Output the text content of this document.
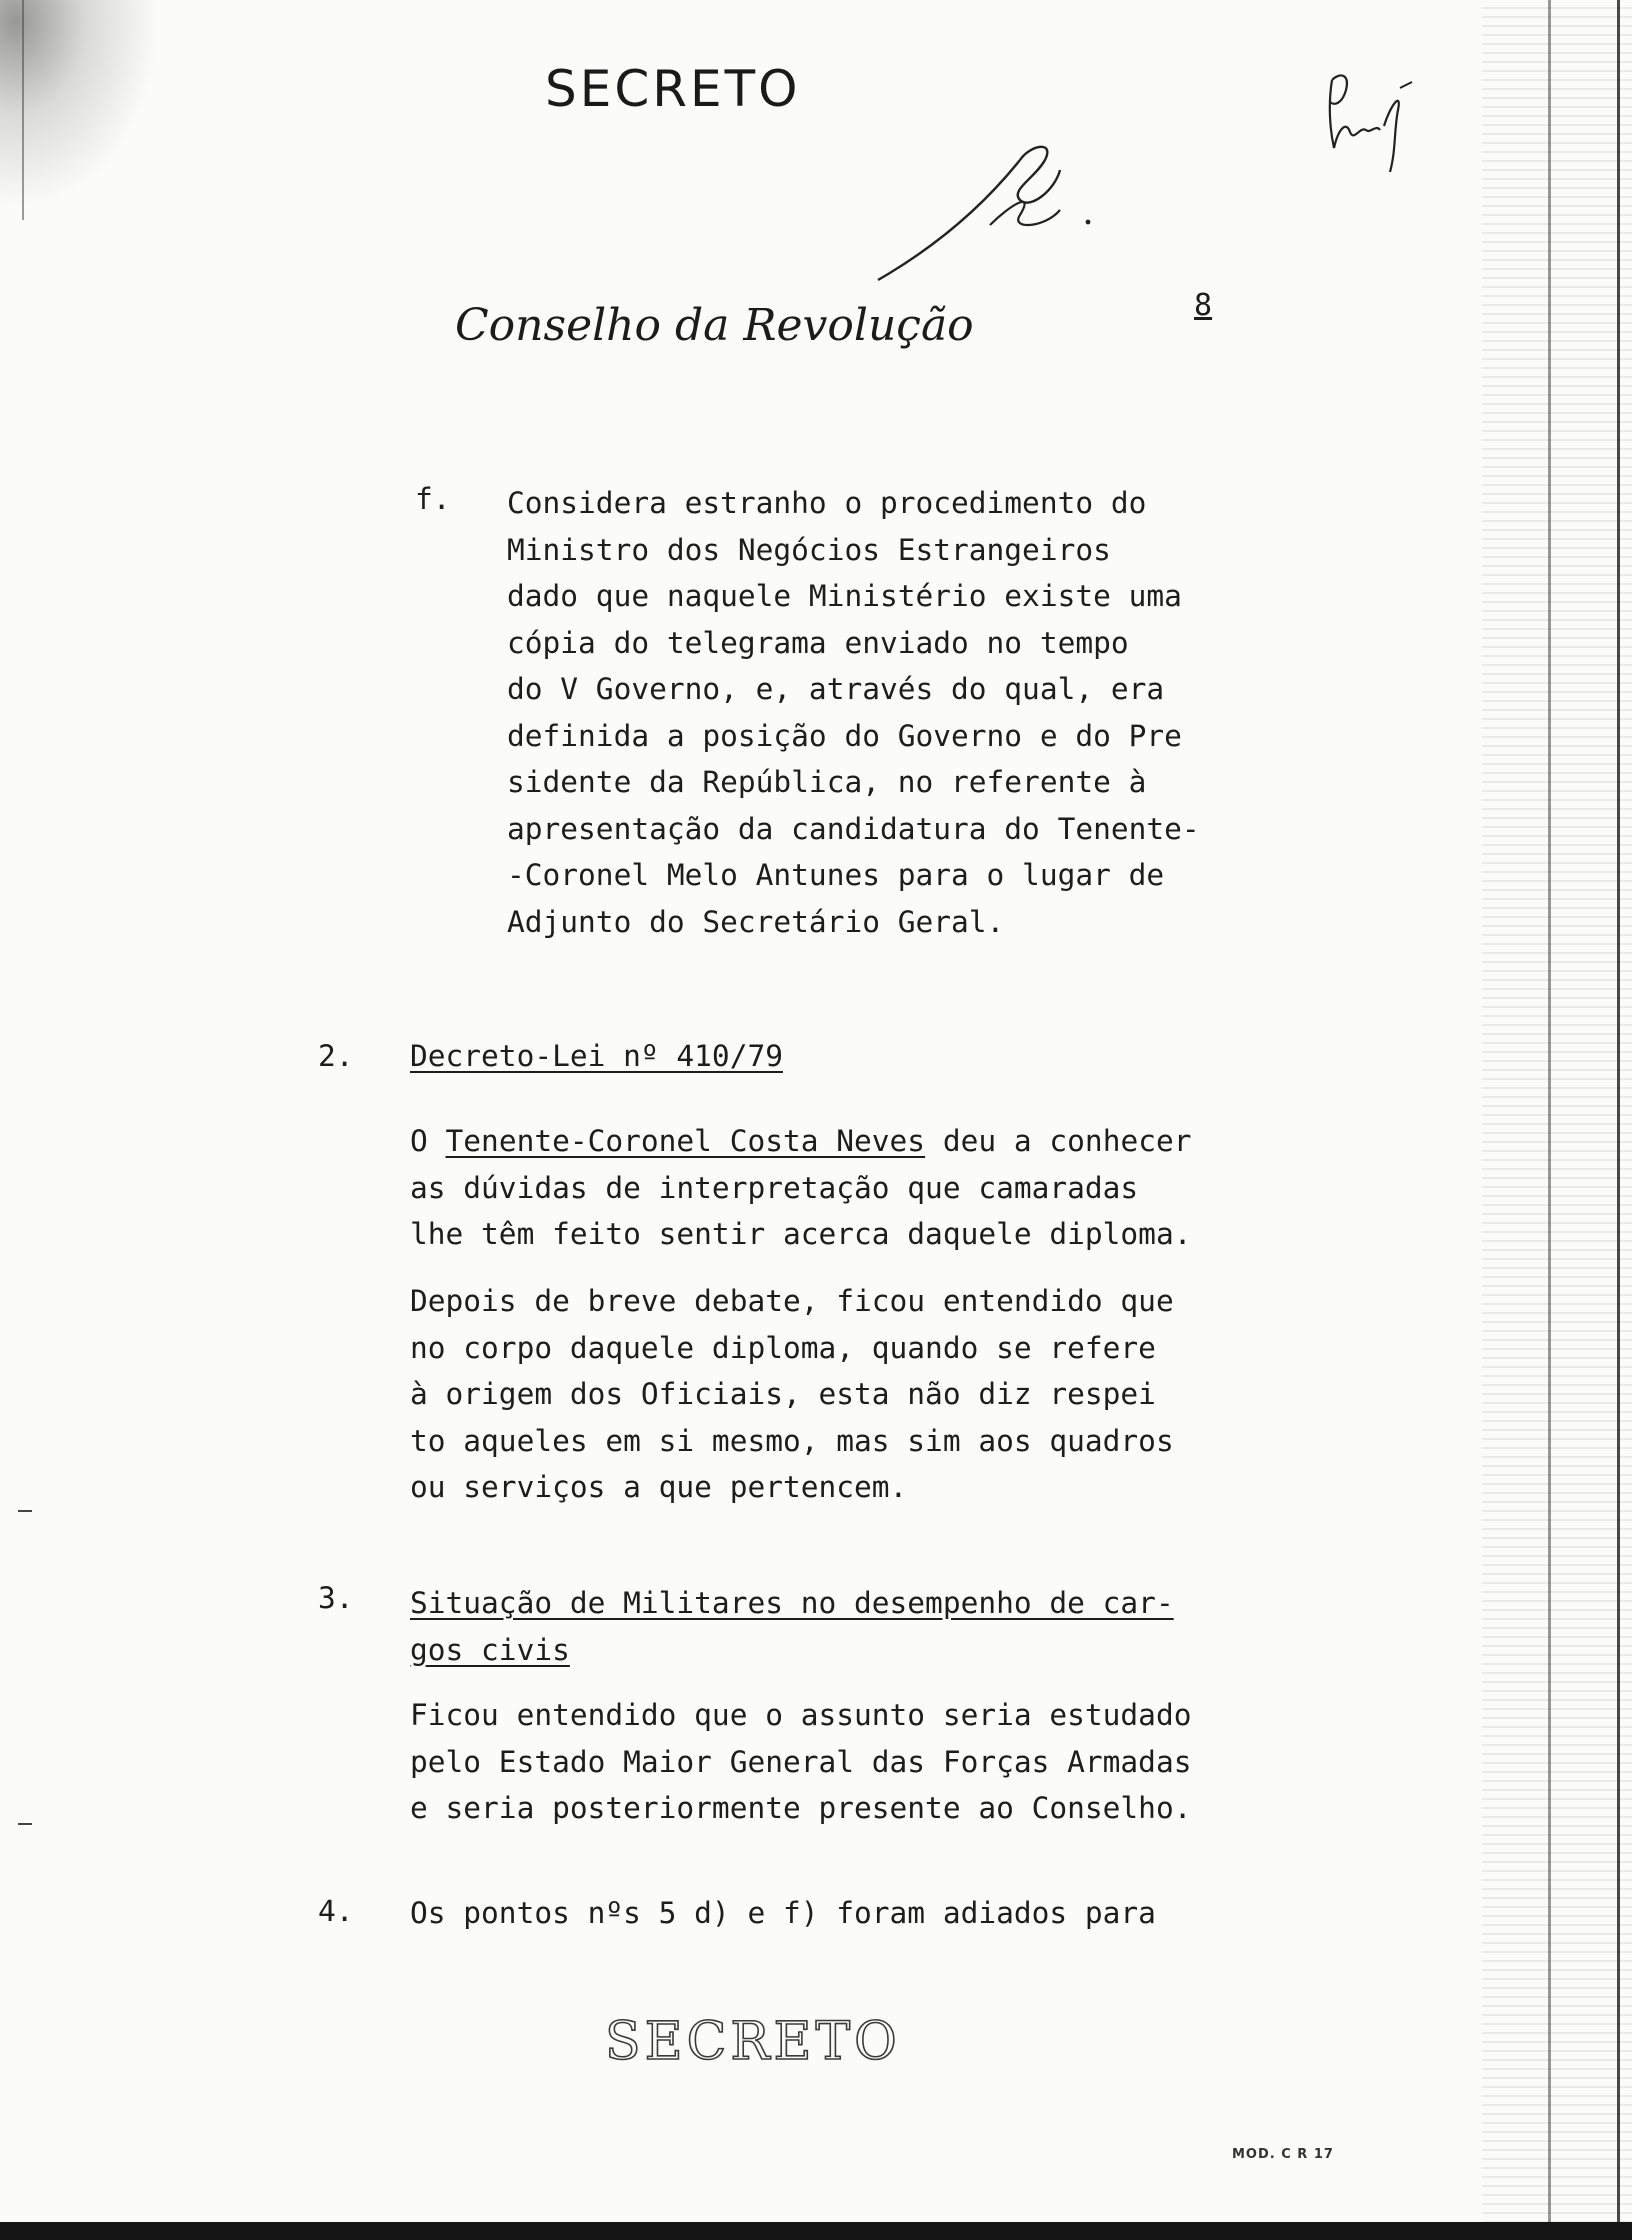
SECRETO
Conselho da Revolução	8
f. Considera estranho o procedimento do
Ministro dos Negócios Estrangeiros
dado que naquele Ministério existe uma
cópia do telegrama enviado no tempo
do V Governo, e, através do qual, era
definida a posição do Governo e do Pre
sidente da República, no referente à
apresentação da candidatura do Tenente-
-Coronel Melo Antunes para o lugar de
Adjunto do Secretário Geral.
2. Decreto-Lei nº 410/79
O Tenente-Coronel Costa Neves deu a conhecer
as dúvidas de interpretação que camaradas
lhe têm feito sentir acerca daquele diploma.
Depois de breve debate, ficou entendido que
no corpo daquele diploma, quando se refere
à origem dos Oficiais, esta não diz respei
to aqueles em si mesmo, mas sim aos quadros
ou serviços a que pertencem.
3. Situação de Militares no desempenho de car-
gos civis
Ficou entendido que o assunto seria estudado
pelo Estado Maior General das Forças Armadas
e seria posteriormente presente ao Conselho.
4. Os pontos nºs 5 d) e f) foram adiados para
SECRETO
MOD. C R 17
